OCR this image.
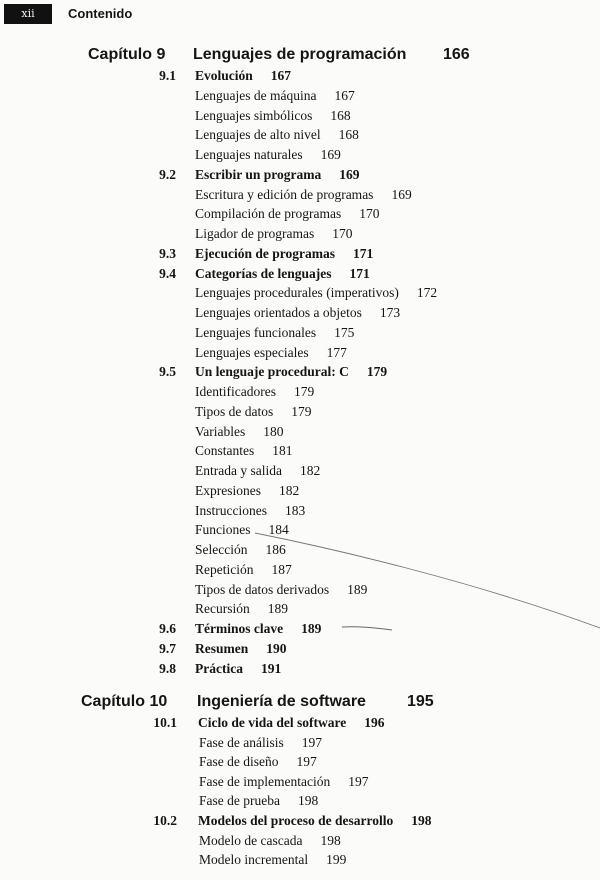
xii	Contenido
Capítulo 9 Lenguajes de programación 166
9.1 Evolución 167
Lenguajes de máquina 167
Lenguajes simbólicos 168
Lenguajes de alto nivel 168
Lenguajes naturales 169
9.2 Escribir un programa 169
Escritura y edición de programas 169
Compilación de programas 170
Ligador de programas 170
9.3 Ejecución de programas 171
9.4 Categorías de lenguajes 171
Lenguajes procedurales (imperativos) 172
Lenguajes orientados a objetos 173
Lenguajes funcionales 175
Lenguajes especiales 177
9.5 Un lenguaje procedural: C 179
Identificadores 179
Tipos de datos 179
Variables 180
Constantes 181
Entrada y salida 182
Expresiones 182
Instrucciones 183
Funciones 184
Selección 186
Repetición 187
Tipos de datos derivados 189
Recursión 189
9.6 Términos clave 189
9.7 Resumen 190
9.8 Práctica 191
Capítulo 10 Ingeniería de software	195
10.1 Ciclo de vida del software 196
Fase de análisis 197
Fase de diseño 197
Fase de implementación 197
Fase de prueba 198
10.2 Modelos del proceso de desarrollo 198
Modelo de cascada 198
Modelo incremental 199
